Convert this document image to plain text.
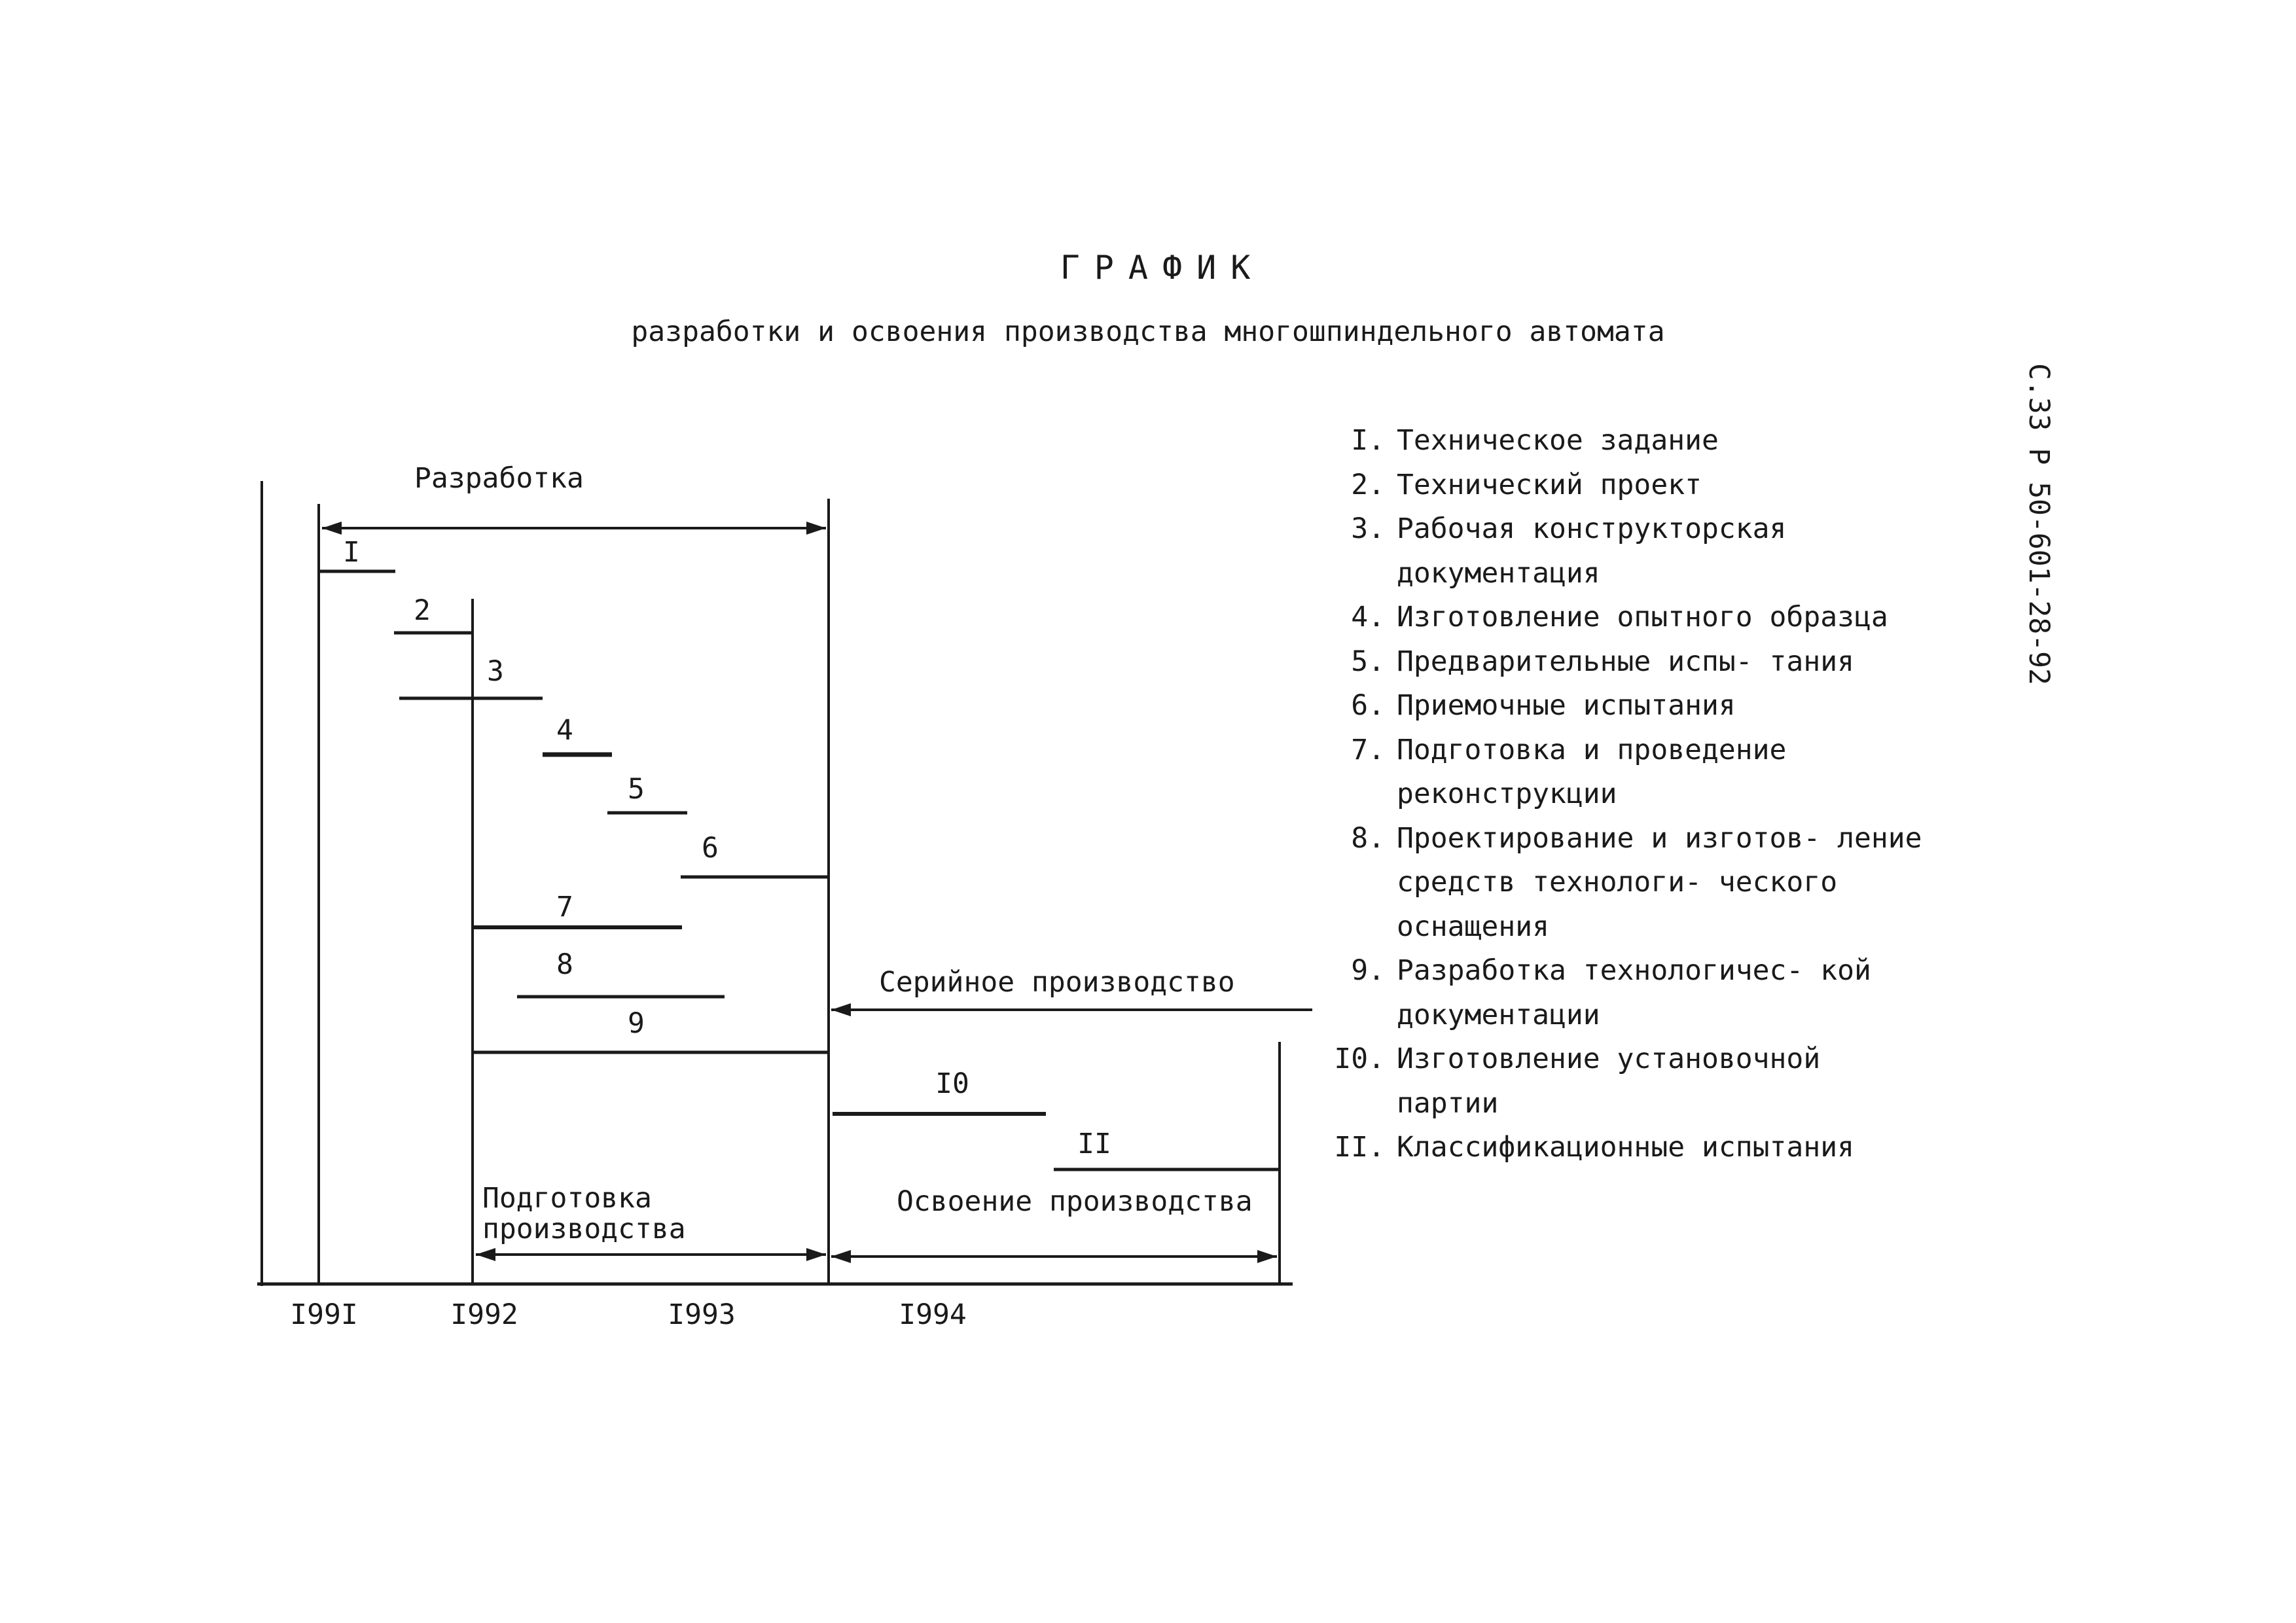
ГРАФИК
разработки и освоения производства многошпиндельного автомата
С.33 Р 50-601-28-92
Разработка
Серийное производство
Подготовка
производства
Освоение производства
I
2
3
4
5
6
7
8
9
I0
II
I99I	I992	I993	I994
I. Техническое задание
2. Технический проект
3. Рабочая конструкторская документация
4. Изготовление опытного образца
5. Предварительные испы- тания
6. Приемочные испытания
7. Подготовка и проведение реконструкции
8. Проектирование и изготов- ление средств технологи- ческого оснащения
9. Разработка технологичес- кой документации
I0. Изготовление установочной партии
II. Классификационные испытания
